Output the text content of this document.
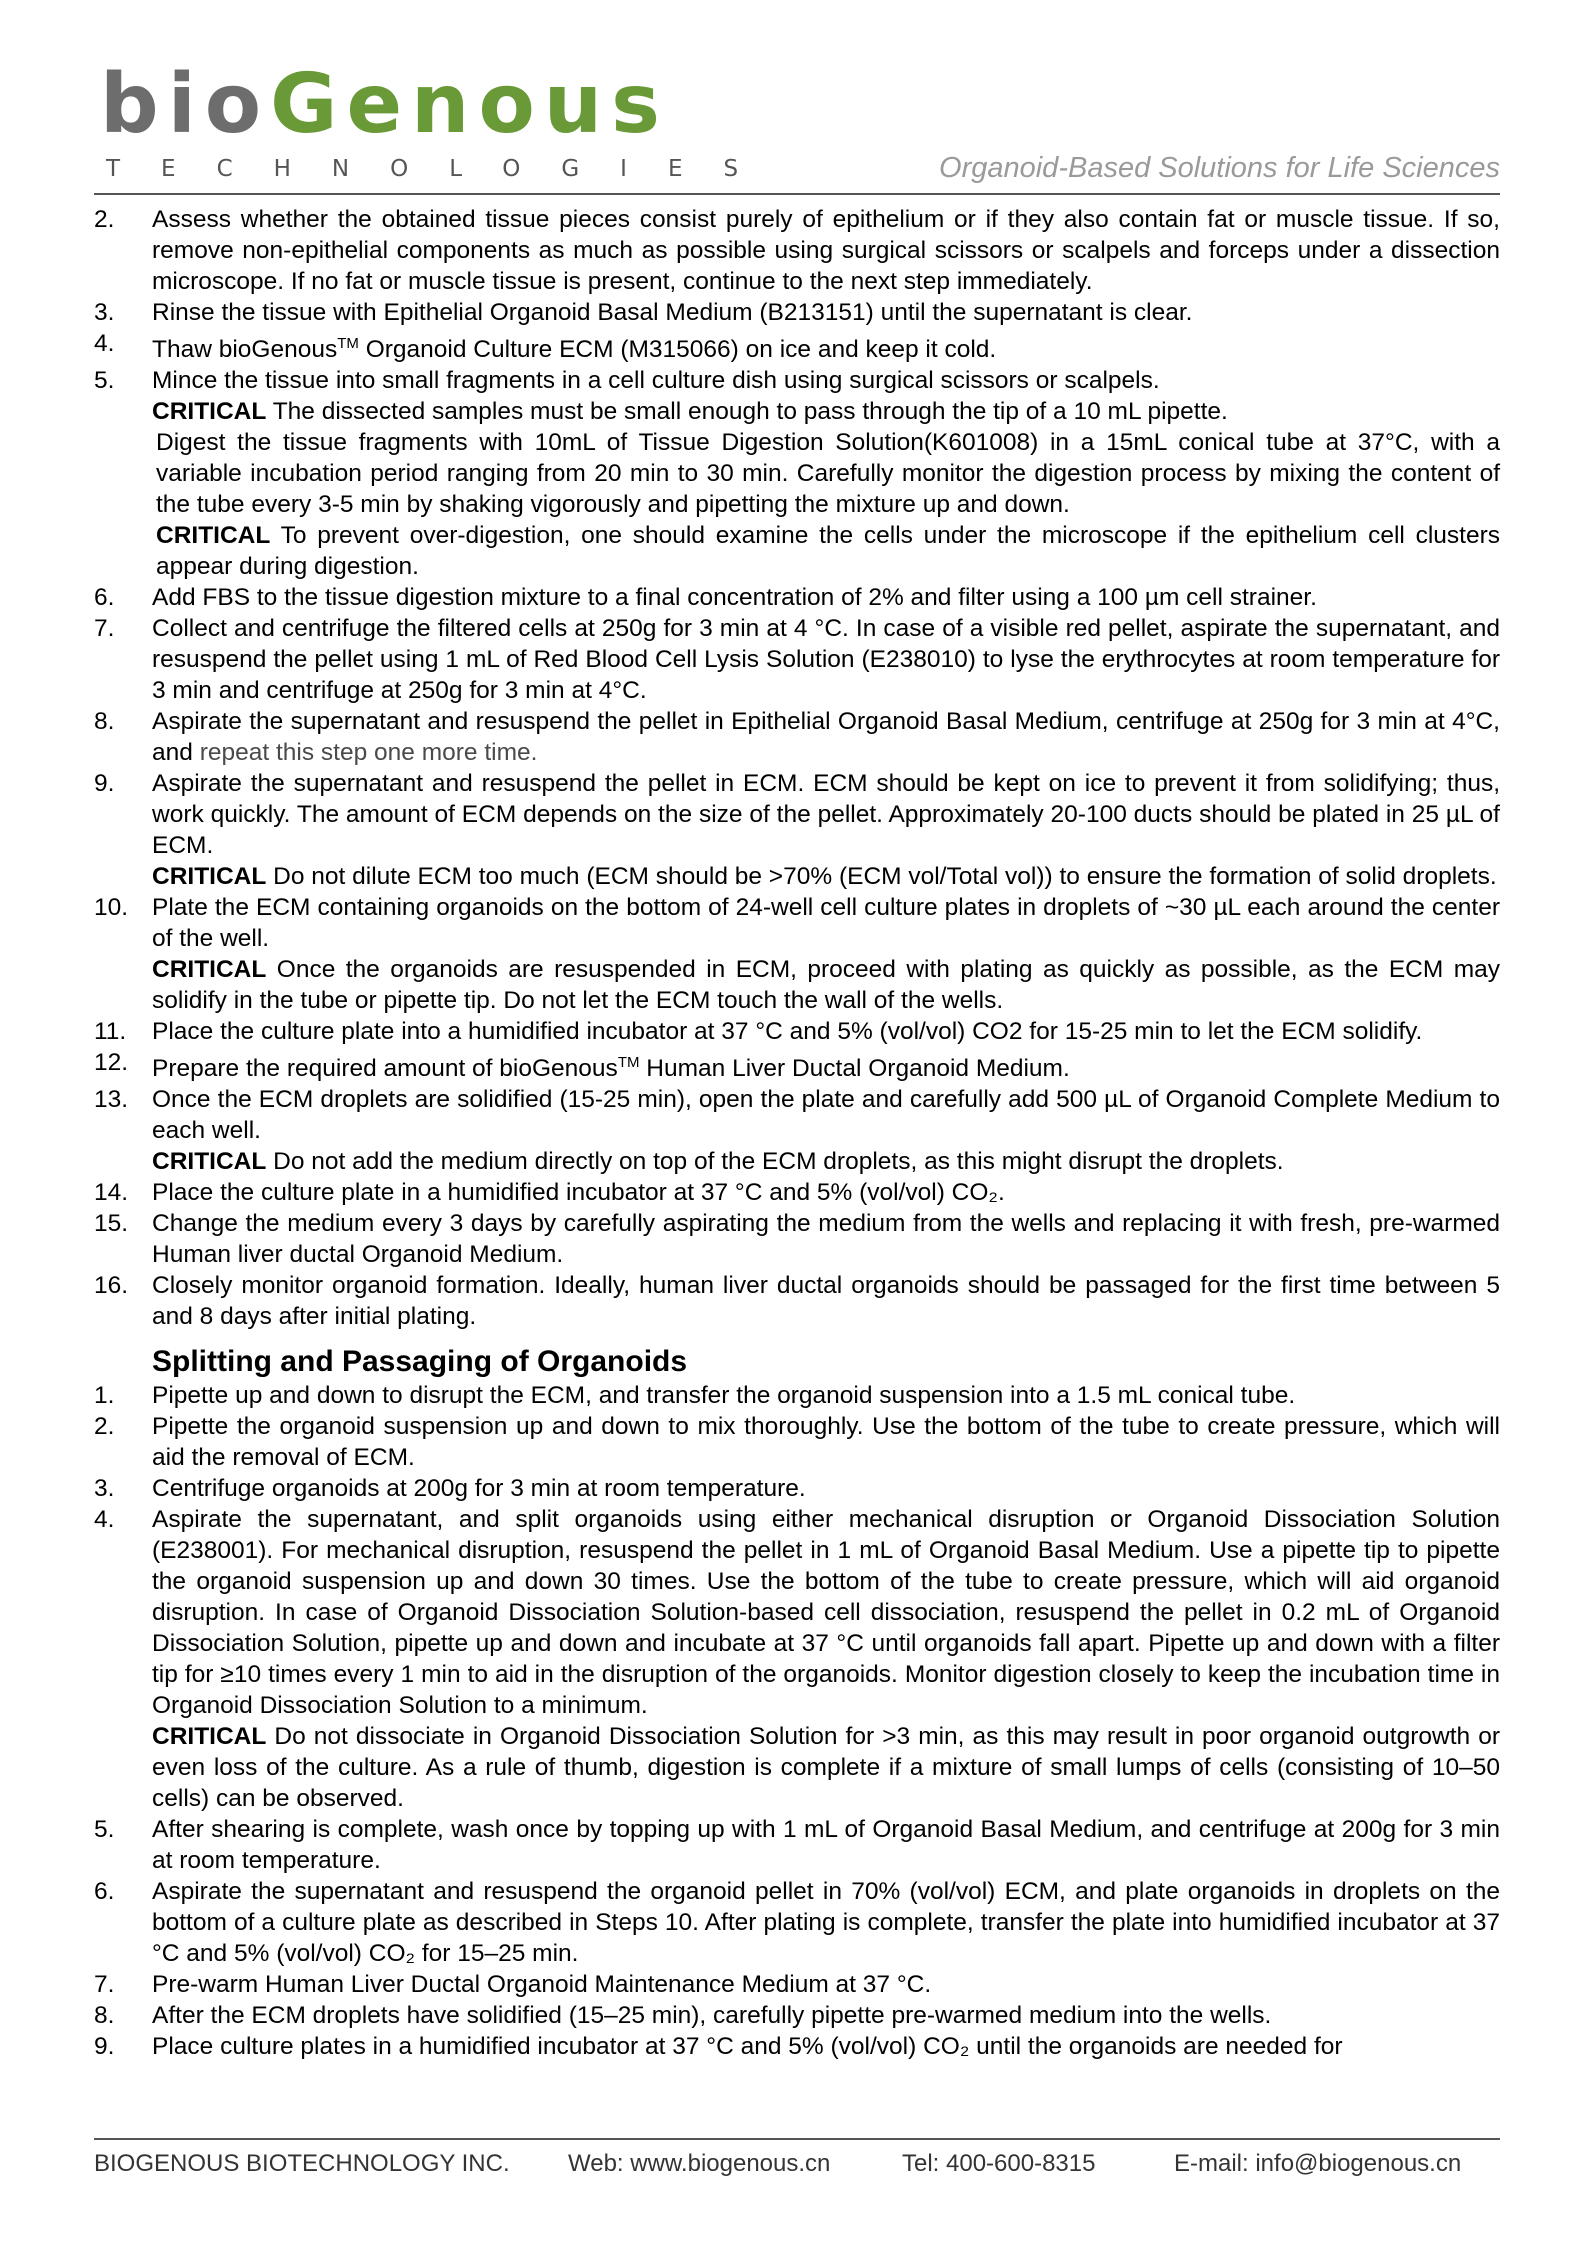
bioGenous
TECHNOLOGIES	Organoid-Based Solutions for Life Sciences
2.	Assess whether the obtained tissue pieces consist purely of epithelium or if they also contain fat or muscle tissue. If so, remove non-epithelial components as much as possible using surgical scissors or scalpels and forceps under a dissection microscope. If no fat or muscle tissue is present, continue to the next step immediately.
3.	Rinse the tissue with Epithelial Organoid Basal Medium (B213151) until the supernatant is clear.
4.	Thaw bioGenous™ Organoid Culture ECM (M315066) on ice and keep it cold.
5.	Mince the tissue into small fragments in a cell culture dish using surgical scissors or scalpels.
CRITICAL The dissected samples must be small enough to pass through the tip of a 10 mL pipette.
Digest the tissue fragments with 10mL of Tissue Digestion Solution(K601008) in a 15mL conical tube at 37°C, with a variable incubation period ranging from 20 min to 30 min. Carefully monitor the digestion process by mixing the content of the tube every 3-5 min by shaking vigorously and pipetting the mixture up and down.
CRITICAL To prevent over-digestion, one should examine the cells under the microscope if the epithelium cell clusters appear during digestion.
6.	Add FBS to the tissue digestion mixture to a final concentration of 2% and filter using a 100 µm cell strainer.
7.	Collect and centrifuge the filtered cells at 250g for 3 min at 4 °C. In case of a visible red pellet, aspirate the supernatant, and resuspend the pellet using 1 mL of Red Blood Cell Lysis Solution (E238010) to lyse the erythrocytes at room temperature for 3 min and centrifuge at 250g for 3 min at 4°C.
8.	Aspirate the supernatant and resuspend the pellet in Epithelial Organoid Basal Medium, centrifuge at 250g for 3 min at 4°C, and repeat this step one more time.
9.	Aspirate the supernatant and resuspend the pellet in ECM. ECM should be kept on ice to prevent it from solidifying; thus, work quickly. The amount of ECM depends on the size of the pellet. Approximately 20-100 ducts should be plated in 25 µL of ECM.
CRITICAL Do not dilute ECM too much (ECM should be >70% (ECM vol/Total vol)) to ensure the formation of solid droplets.
10. Plate the ECM containing organoids on the bottom of 24-well cell culture plates in droplets of ~30 µL each around the center of the well.
CRITICAL Once the organoids are resuspended in ECM, proceed with plating as quickly as possible, as the ECM may solidify in the tube or pipette tip. Do not let the ECM touch the wall of the wells.
11.	Place the culture plate into a humidified incubator at 37 °C and 5% (vol/vol) CO2 for 15-25 min to let the ECM solidify.
12. Prepare the required amount of bioGenous™ Human Liver Ductal Organoid Medium.
13. Once the ECM droplets are solidified (15-25 min), open the plate and carefully add 500 µL of Organoid Complete Medium to each well.
CRITICAL Do not add the medium directly on top of the ECM droplets, as this might disrupt the droplets.
14. Place the culture plate in a humidified incubator at 37 °C and 5% (vol/vol) CO₂.
15. Change the medium every 3 days by carefully aspirating the medium from the wells and replacing it with fresh, pre-warmed Human liver ductal Organoid Medium.
16. Closely monitor organoid formation. Ideally, human liver ductal organoids should be passaged for the first time between 5 and 8 days after initial plating.
Splitting and Passaging of Organoids
1.	Pipette up and down to disrupt the ECM, and transfer the organoid suspension into a 1.5 mL conical tube.
2.	Pipette the organoid suspension up and down to mix thoroughly. Use the bottom of the tube to create pressure, which will aid the removal of ECM.
3.	Centrifuge organoids at 200g for 3 min at room temperature.
4.	Aspirate the supernatant, and split organoids using either mechanical disruption or Organoid Dissociation Solution (E238001). For mechanical disruption, resuspend the pellet in 1 mL of Organoid Basal Medium. Use a pipette tip to pipette the organoid suspension up and down 30 times. Use the bottom of the tube to create pressure, which will aid organoid disruption. In case of Organoid Dissociation Solution-based cell dissociation, resuspend the pellet in 0.2 mL of Organoid Dissociation Solution, pipette up and down and incubate at 37 °C until organoids fall apart. Pipette up and down with a filter tip for ≥10 times every 1 min to aid in the disruption of the organoids. Monitor digestion closely to keep the incubation time in Organoid Dissociation Solution to a minimum.
CRITICAL Do not dissociate in Organoid Dissociation Solution for >3 min, as this may result in poor organoid outgrowth or even loss of the culture. As a rule of thumb, digestion is complete if a mixture of small lumps of cells (consisting of 10–50 cells) can be observed.
5.	After shearing is complete, wash once by topping up with 1 mL of Organoid Basal Medium, and centrifuge at 200g for 3 min at room temperature.
6.	Aspirate the supernatant and resuspend the organoid pellet in 70% (vol/vol) ECM, and plate organoids in droplets on the bottom of a culture plate as described in Steps 10. After plating is complete, transfer the plate into humidified incubator at 37 °C and 5% (vol/vol) CO₂ for 15–25 min.
7.	Pre-warm Human Liver Ductal Organoid Maintenance Medium at 37 °C.
8.	After the ECM droplets have solidified (15–25 min), carefully pipette pre-warmed medium into the wells.
9.	Place culture plates in a humidified incubator at 37 °C and 5% (vol/vol) CO₂ until the organoids are needed for
BIOGENOUS BIOTECHNOLOGY INC. Web: www.biogenous.cn	Tel: 400-600-8315	E-mail: info@biogenous.cn
